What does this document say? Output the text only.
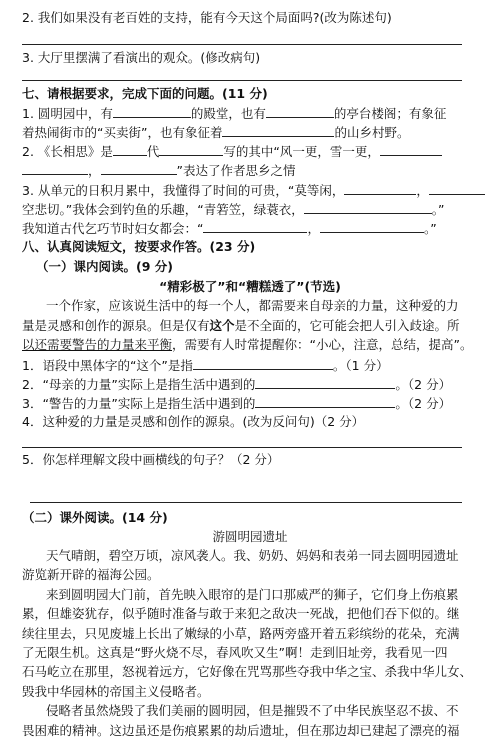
2. 我们如果没有老百姓的支持，能有今天这个局面吗?(改为陈述句)
3. 大厅里摆满了看演出的观众。(修改病句)
七、请根据要求，完成下面的问题。(11 分)
1. 圆明园中，有	的殿堂，也有	的亭台楼阁；有象征
着热闹街市的“买卖街”，也有象征着	的山乡村野。
2. 《长相思》是	代	写的其中“风一更，雪一更，
，	”表达了作者思乡之情
3. 从单元的日积月累中，我懂得了时间的可贵，“莫等闲，	，
空悲切。”我体会到钓鱼的乐趣，“青箬笠，绿蓑衣，	。”
我知道古代乞巧节时妇女都会：“	，	。”
八、认真阅读短文，按要求作答。(23 分)
（一）课内阅读。(9 分)
“精彩极了”和“糟糕透了”(节选)
一个作家，应该说生活中的每一个人，都需要来自母亲的力量，这种爱的力
量是灵感和创作的源泉。但是仅有这个是不全面的，它可能会把人引入歧途。所
以还需要警告的力量来平衡，需要有人时常提醒你：“小心，注意，总结，提高”。
1．语段中黑体字的“这个”是指	。（1 分）
2．“母亲的力量”实际上是指生活中遇到的	。（2 分）
3．“警告的力量”实际上是指生活中遇到的	。（2 分）
4．这种爱的力量是灵感和创作的源泉。(改为反问句)（2 分）
5．你怎样理解文段中画横线的句子？（2 分）
（二）课外阅读。(14 分)
游圆明园遗址
天气晴朗，碧空万顷，凉风袭人。我、奶奶、妈妈和表弟一同去圆明园遗址
游览新开辟的福海公园。
来到圆明园大门前，首先映入眼帘的是门口那威严的狮子，它们身上伤痕累
累，但雄姿犹存，似乎随时准备与敢于来犯之敌决一死战，把他们吞下似的。继
续往里去，只见废墟上长出了嫩绿的小草，路两旁盛开着五彩缤纷的花朵，充满
了无限生机。这真是“野火烧不尽，春风吹又生”啊！走到旧址旁，我看见一四
石马屹立在那里，怒视着远方，它好像在咒骂那些夺我中华之宝、杀我中华儿女、
毁我中华园林的帝国主义侵略者。
侵略者虽然烧毁了我们美丽的圆明园，但是摧毁不了中华民族坚忍不拔、不
畏困难的精神。这边虽还是伤痕累累的劫后遗址，但在那边却已建起了漂亮的福
